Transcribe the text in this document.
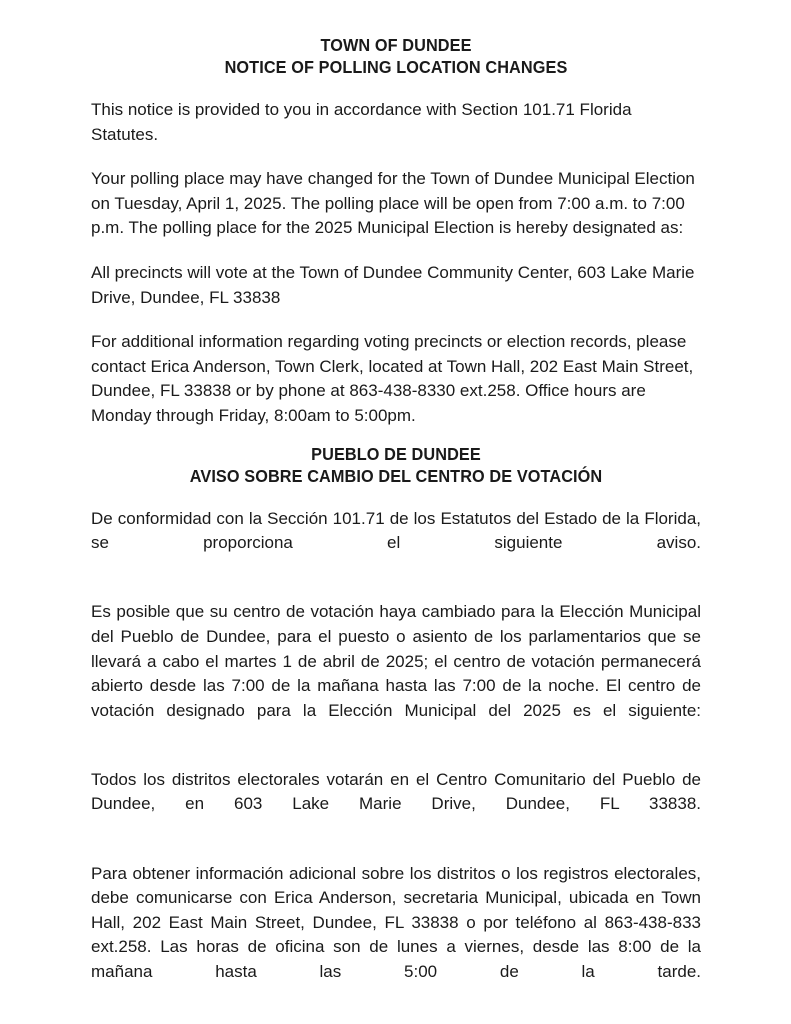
TOWN OF DUNDEE
NOTICE OF POLLING LOCATION CHANGES

This notice is provided to you in accordance with Section 101.71 Florida Statutes.

Your polling place may have changed for the Town of Dundee Municipal Election on Tuesday, April 1, 2025. The polling place will be open from 7:00 a.m. to 7:00 p.m. The polling place for the 2025 Municipal Election is hereby designated as:

All precincts will vote at the Town of Dundee Community Center, 603 Lake Marie Drive, Dundee, FL 33838

For additional information regarding voting precincts or election records, please contact Erica Anderson, Town Clerk, located at Town Hall, 202 East Main Street, Dundee, FL 33838 or by phone at 863-438-8330 ext.258. Office hours are Monday through Friday, 8:00am to 5:00pm.

PUEBLO DE DUNDEE
AVISO SOBRE CAMBIO DEL CENTRO DE VOTACIÓN

De conformidad con la Sección 101.71 de los Estatutos del Estado de la Florida, se proporciona el siguiente aviso.

Es posible que su centro de votación haya cambiado para la Elección Municipal del Pueblo de Dundee, para el puesto o asiento de los parlamentarios que se llevará a cabo el martes 1 de abril de 2025; el centro de votación permanecerá abierto desde las 7:00 de la mañana hasta las 7:00 de la noche. El centro de votación designado para la Elección Municipal del 2025 es el siguiente:

Todos los distritos electorales votarán en el Centro Comunitario del Pueblo de Dundee, en 603 Lake Marie Drive, Dundee, FL 33838.

Para obtener información adicional sobre los distritos o los registros electorales, debe comunicarse con Erica Anderson, secretaria Municipal, ubicada en Town Hall, 202 East Main Street, Dundee, FL 33838 o por teléfono al 863-438-833 ext.258. Las horas de oficina son de lunes a viernes, desde las 8:00 de la mañana hasta las 5:00 de la tarde.
